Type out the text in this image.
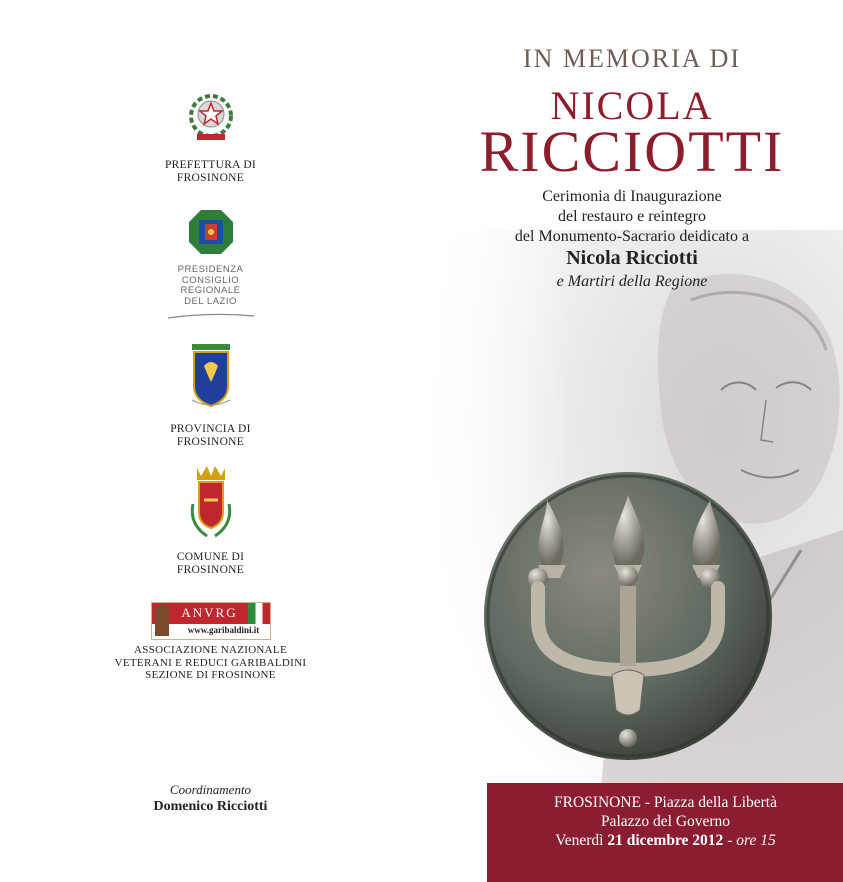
PREFETTURA DI
FROSINONE
PRESIDENZA
CONSIGLIO
REGIONALE
DEL LAZIO
PROVINCIA DI
FROSINONE
COMUNE DI
FROSINONE
ANVRG
www.garibaldini.it
ASSOCIAZIONE NAZIONALE
VETERANI E REDUCI GARIBALDINI
SEZIONE DI FROSINONE
Coordinamento
Domenico Ricciotti
IN MEMORIA DI
NICOLA
RICCIOTTI
Cerimonia di Inaugurazione
del restauro e reintegro
del Monumento-Sacrario deidicato a
Nicola Ricciotti
e Martiri della Regione
FROSINONE - Piazza della Libertà
Palazzo del Governo
Venerdì 21 dicembre 2012 - ore 15
